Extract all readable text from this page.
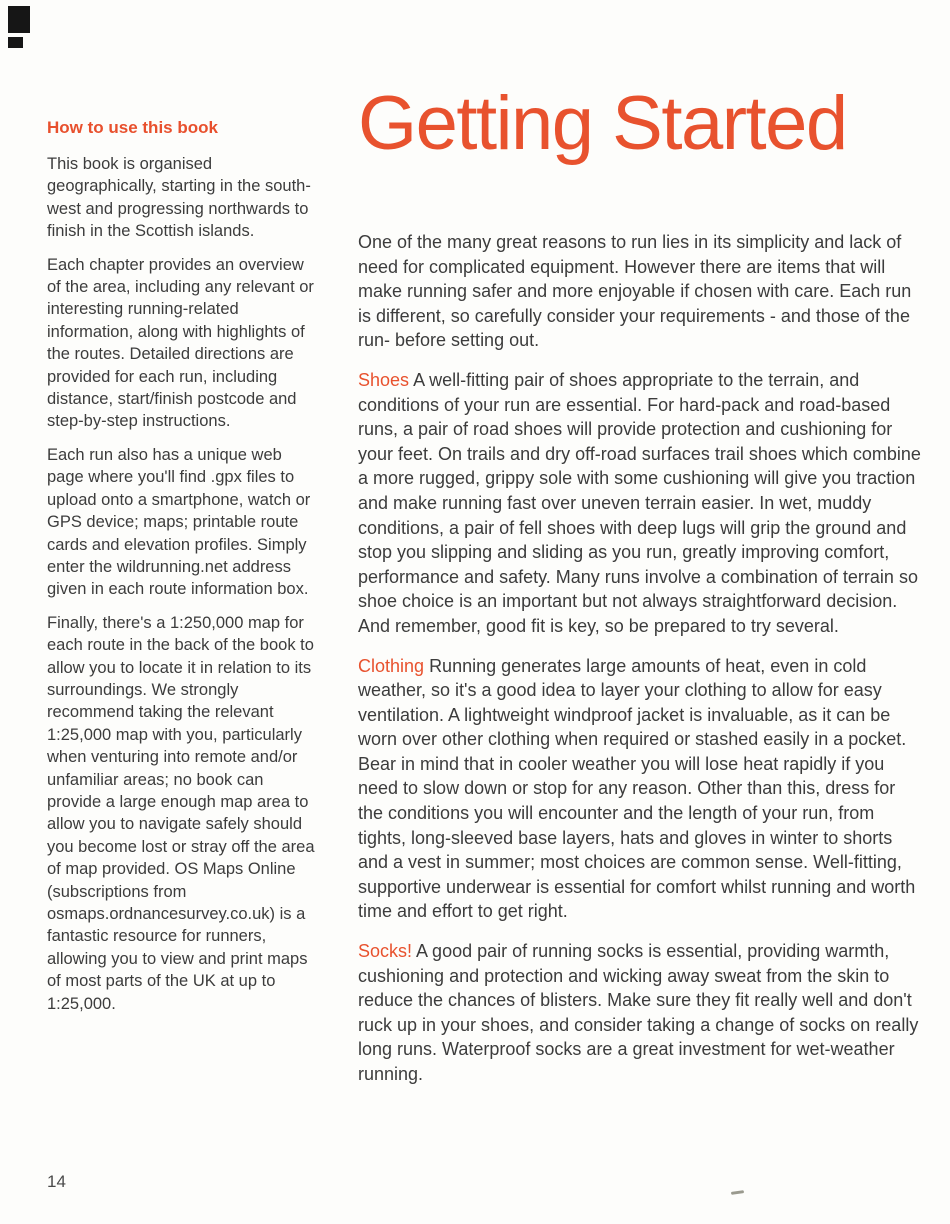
How to use this book

This book is organised geographically, starting in the south-west and progressing northwards to finish in the Scottish islands.

Each chapter provides an overview of the area, including any relevant or interesting running-related information, along with highlights of the routes. Detailed directions are provided for each run, including distance, start/finish postcode and step-by-step instructions.

Each run also has a unique web page where you'll find .gpx files to upload onto a smartphone, watch or GPS device; maps; printable route cards and elevation profiles. Simply enter the wildrunning.net address given in each route information box.

Finally, there's a 1:250,000 map for each route in the back of the book to allow you to locate it in relation to its surroundings. We strongly recommend taking the relevant 1:25,000 map with you, particularly when venturing into remote and/or unfamiliar areas; no book can provide a large enough map area to allow you to navigate safely should you become lost or stray off the area of map provided. OS Maps Online (subscriptions from osmaps.ordnancesurvey.co.uk) is a fantastic resource for runners, allowing you to view and print maps of most parts of the UK at up to 1:25,000.

Getting Started

One of the many great reasons to run lies in its simplicity and lack of need for complicated equipment. However there are items that will make running safer and more enjoyable if chosen with care. Each run is different, so carefully consider your requirements - and those of the run- before setting out.

Shoes A well-fitting pair of shoes appropriate to the terrain, and conditions of your run are essential. For hard-pack and road-based runs, a pair of road shoes will provide protection and cushioning for your feet. On trails and dry off-road surfaces trail shoes which combine a more rugged, grippy sole with some cushioning will give you traction and make running fast over uneven terrain easier. In wet, muddy conditions, a pair of fell shoes with deep lugs will grip the ground and stop you slipping and sliding as you run, greatly improving comfort, performance and safety. Many runs involve a combination of terrain so shoe choice is an important but not always straightforward decision. And remember, good fit is key, so be prepared to try several.

Clothing Running generates large amounts of heat, even in cold weather, so it's a good idea to layer your clothing to allow for easy ventilation. A lightweight windproof jacket is invaluable, as it can be worn over other clothing when required or stashed easily in a pocket. Bear in mind that in cooler weather you will lose heat rapidly if you need to slow down or stop for any reason. Other than this, dress for the conditions you will encounter and the length of your run, from tights, long-sleeved base layers, hats and gloves in winter to shorts and a vest in summer; most choices are common sense. Well-fitting, supportive underwear is essential for comfort whilst running and worth time and effort to get right.

Socks! A good pair of running socks is essential, providing warmth, cushioning and protection and wicking away sweat from the skin to reduce the chances of blisters. Make sure they fit really well and don't ruck up in your shoes, and consider taking a change of socks on really long runs. Waterproof socks are a great investment for wet-weather running.

14
